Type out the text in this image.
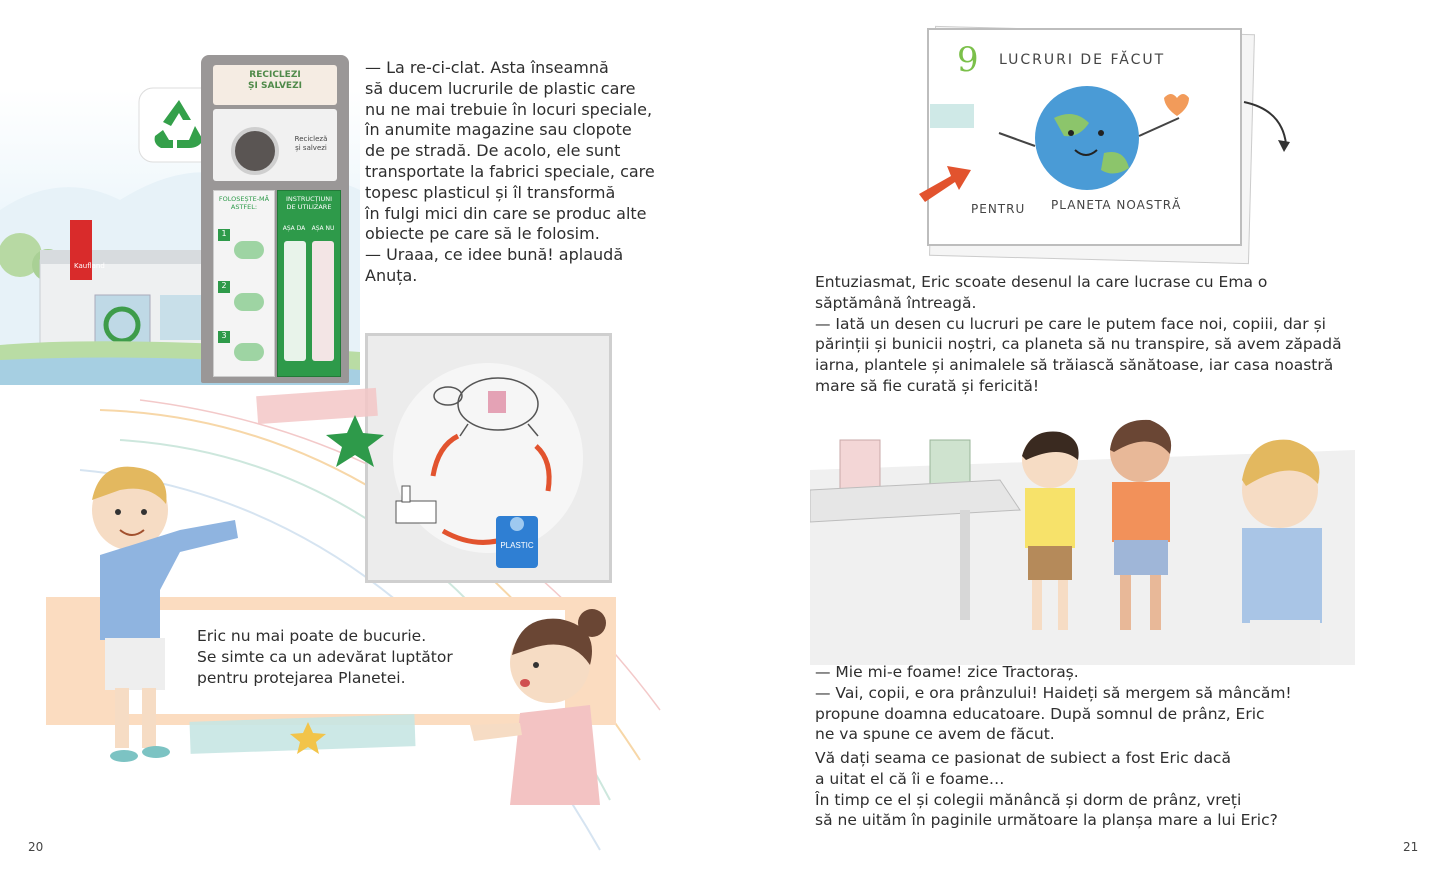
Kaufland
RECICLEZI
ȘI SALVEZI
Recicleză
și salvezi
FOLOSEȘTE-MĂ
ASTFEL:
1
2
3
INSTRUCȚIUNI
DE UTILIZARE
AȘA DA	AȘA NU
— La re-ci-clat. Asta înseamnă
să ducem lucrurile de plastic care
nu ne mai trebuie în locuri speciale,
în anumite magazine sau clopote
de pe stradă. De acolo, ele sunt
transportate la fabrici speciale, care
topesc plasticul și îl transformă
în fulgi mici din care se produc alte
obiecte pe care să le folosim.
— Uraaa, ce idee bună! aplaudă
Anuța.
PLASTIC
Eric nu mai poate de bucurie.
Se simte ca un adevărat luptător
pentru protejarea Planetei.
20
9 LUCRURI DE FĂCUT
PENTRU PLANETA NOASTRĂ
Entuziasmat, Eric scoate desenul la care lucrase cu Ema o
săptămână întreagă.
— Iată un desen cu lucruri pe care le putem face noi, copiii, dar și
părinții și bunicii noștri, ca planeta să nu transpire, să avem zăpadă
iarna, plantele și animalele să trăiască sănătoase, iar casa noastră
mare să fie curată și fericită!
— Mie mi-e foame! zice Tractoraș.
— Vai, copii, e ora prânzului! Haideți să mergem să mâncăm!
propune doamna educatoare. După somnul de prânz, Eric
ne va spune ce avem de făcut.
Vă dați seama ce pasionat de subiect a fost Eric dacă
a uitat el că îi e foame…
În timp ce el și colegii mănâncă și dorm de prânz, vreți
să ne uităm în paginile următoare la planșa mare a lui Eric?
21
